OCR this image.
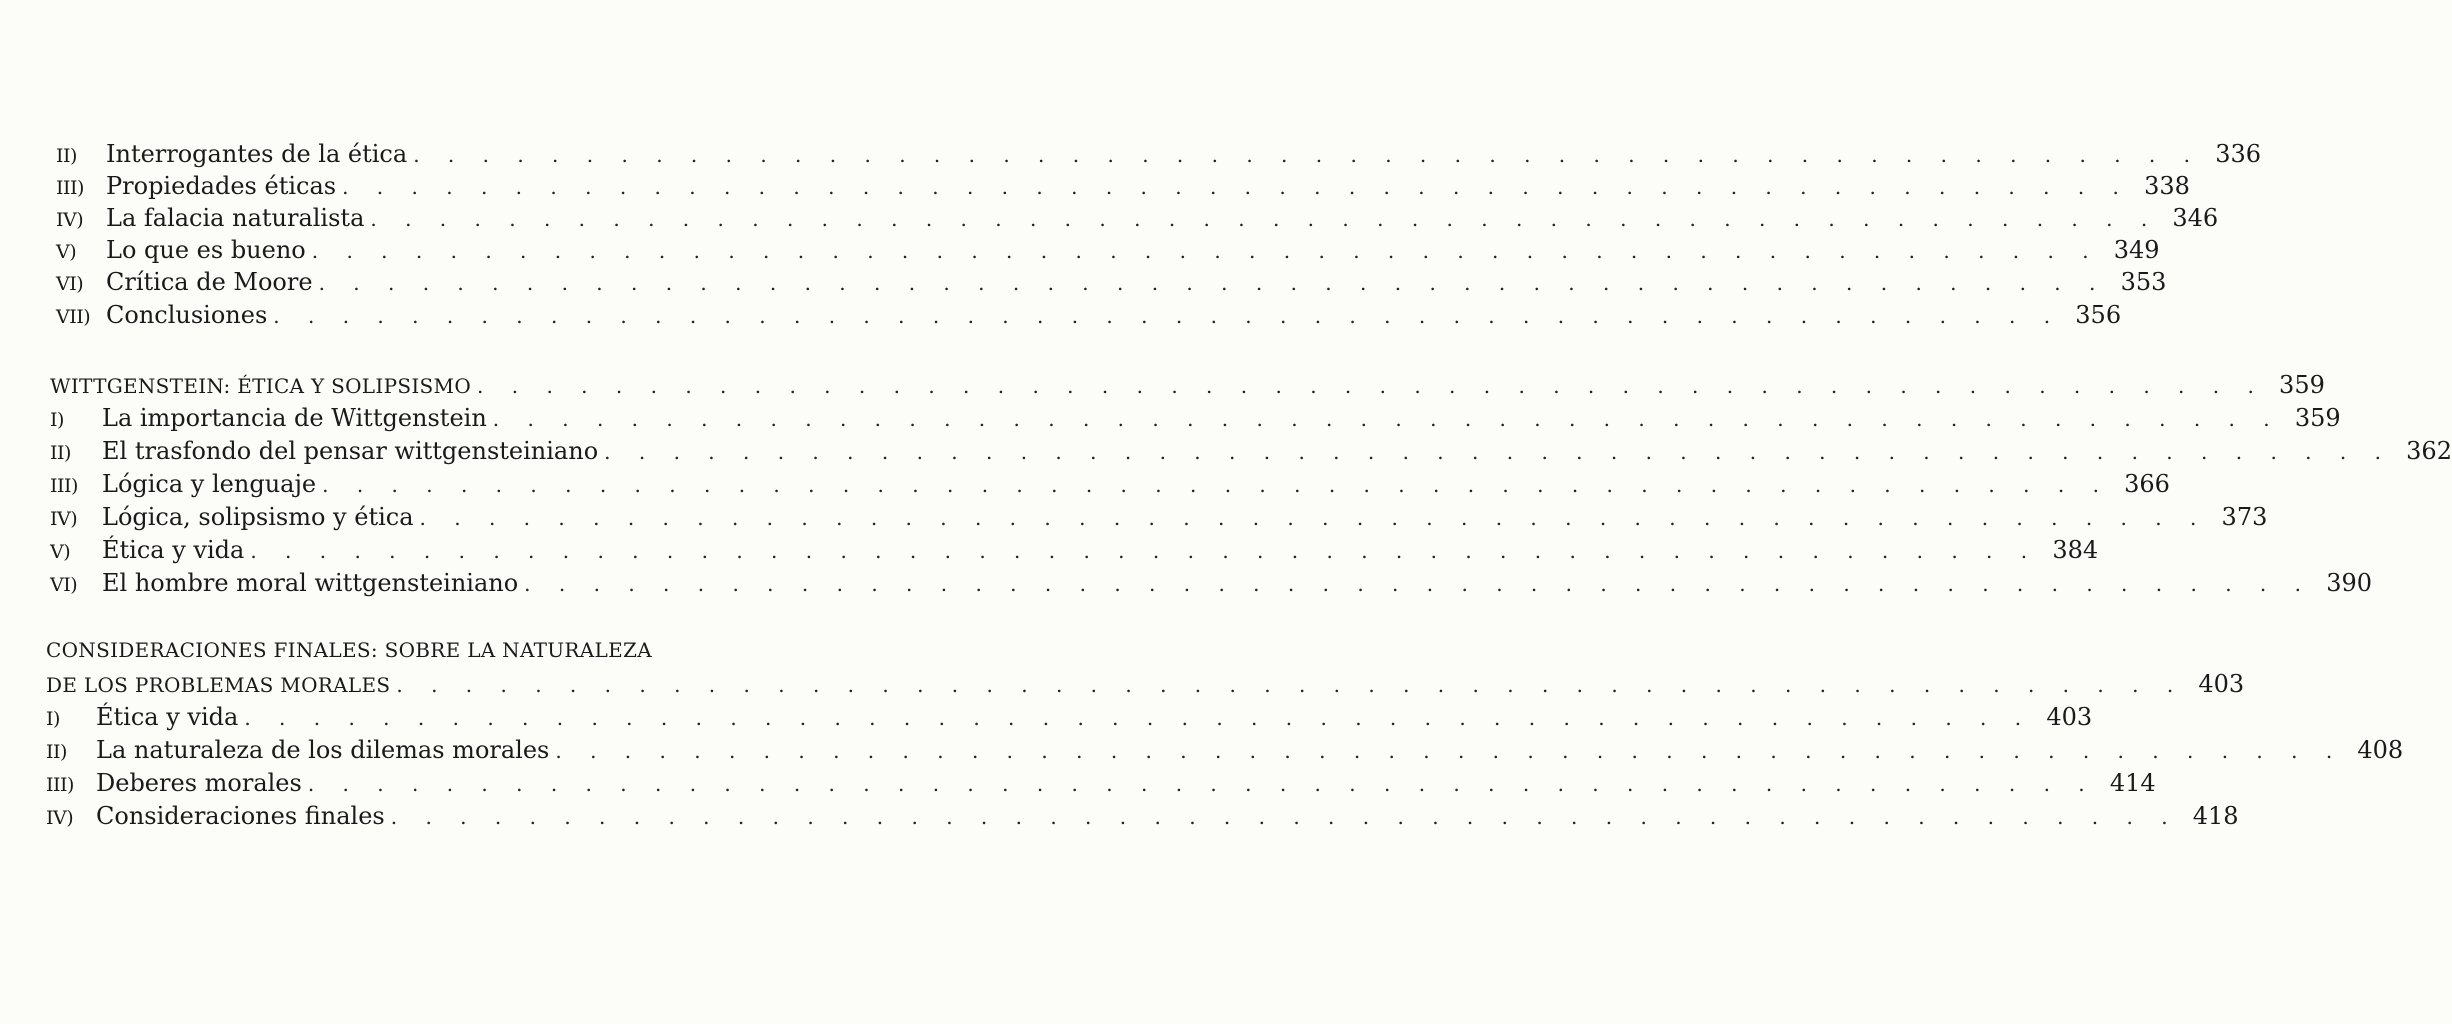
II)	Interrogantes de la ética . . . . . . . . . . . . . . . . . . . . . . . . . . . . . . . . . . . . . . . . . . . . . . . . . . . . 336
III) Propiedades éticas . . . . . . . . . . . . . . . . . . . . . . . . . . . . . . . . . . . . . . . . . . . . . . . . . . . . 338
IV) La falacia naturalista . . . . . . . . . . . . . . . . . . . . . . . . . . . . . . . . . . . . . . . . . . . . . . . . . . . . 346
V)	Lo que es bueno . . . . . . . . . . . . . . . . . . . . . . . . . . . . . . . . . . . . . . . . . . . . . . . . . . . . 349
VI) Crítica de Moore . . . . . . . . . . . . . . . . . . . . . . . . . . . . . . . . . . . . . . . . . . . . . . . . . . . . 353
VII) Conclusiones . . . . . . . . . . . . . . . . . . . . . . . . . . . . . . . . . . . . . . . . . . . . . . . . . . . . 356
WITTGENSTEIN: ÉTICA Y SOLIPSISMO . . . . . . . . . . . . . . . . . . . . . . . . . . . . . . . . . . . . . . . . . . . . . . . . . . . . 359
I)	La importancia de Wittgenstein . . . . . . . . . . . . . . . . . . . . . . . . . . . . . . . . . . . . . . . . . . . . . . . . . . . . 359
II)	El trasfondo del pensar wittgensteiniano . . . . . . . . . . . . . . . . . . . . . . . . . . . . . . . . . . . . . . . . . . . . . . . . . . . . 362
III)	Lógica y lenguaje . . . . . . . . . . . . . . . . . . . . . . . . . . . . . . . . . . . . . . . . . . . . . . . . . . . . 366
IV)	Lógica, solipsismo y ética . . . . . . . . . . . . . . . . . . . . . . . . . . . . . . . . . . . . . . . . . . . . . . . . . . . . 373
V)	Ética y vida . . . . . . . . . . . . . . . . . . . . . . . . . . . . . . . . . . . . . . . . . . . . . . . . . . . . 384
VI)	El hombre moral wittgensteiniano . . . . . . . . . . . . . . . . . . . . . . . . . . . . . . . . . . . . . . . . . . . . . . . . . . . . 390
CONSIDERACIONES FINALES: SOBRE LA NATURALEZA
DE LOS PROBLEMAS MORALES . . . . . . . . . . . . . . . . . . . . . . . . . . . . . . . . . . . . . . . . . . . . . . . . . . . . 403
I)	Ética y vida . . . . . . . . . . . . . . . . . . . . . . . . . . . . . . . . . . . . . . . . . . . . . . . . . . . . 403
II)	La naturaleza de los dilemas morales . . . . . . . . . . . . . . . . . . . . . . . . . . . . . . . . . . . . . . . . . . . . . . . . . . . . 408
III) Deberes morales . . . . . . . . . . . . . . . . . . . . . . . . . . . . . . . . . . . . . . . . . . . . . . . . . . . . 414
IV) Consideraciones finales . . . . . . . . . . . . . . . . . . . . . . . . . . . . . . . . . . . . . . . . . . . . . . . . . . . . 418
